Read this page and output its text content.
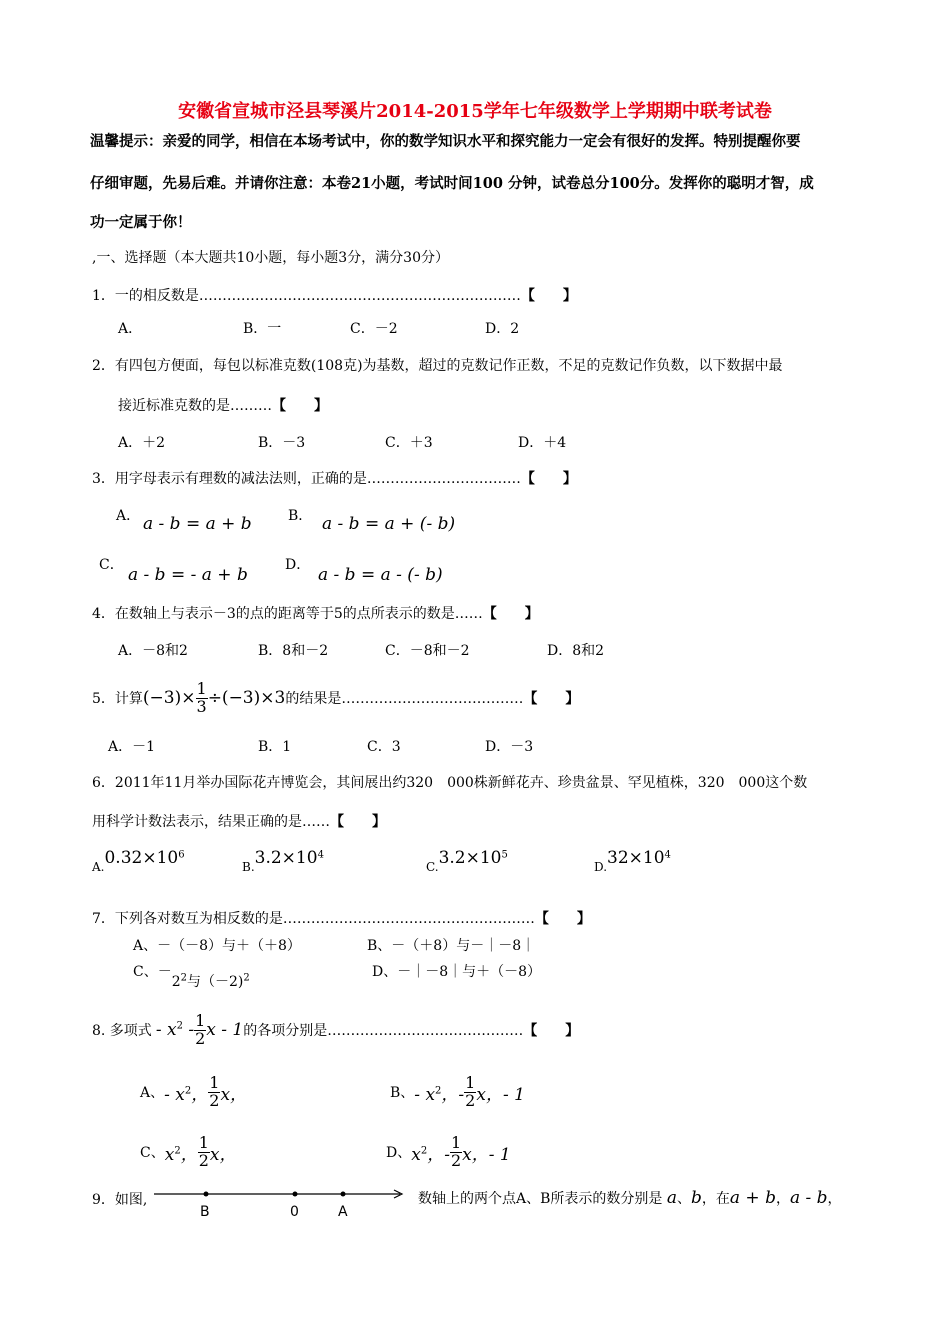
安徽省宣城市泾县琴溪片2014-2015学年七年级数学上学期期中联考试卷
温馨提示：亲爱的同学，相信在本场考试中，你的数学知识水平和探究能力一定会有很好的发挥。特别提醒你要
仔细审题，先易后难。并请你注意：本卷21小题，考试时间100 分钟，试卷总分100分。发挥你的聪明才智，成
功一定属于你！
,一、选择题（本大题共10小题，每小题3分，满分30分）
1．一的相反数是……………………………………………………………【　　】
A．	B．一	C．－2	D．2
2．有四包方便面，每包以标准克数(108克)为基数，超过的克数记作正数，不足的克数记作负数，以下数据中最
接近标准克数的是………【　　】
A．＋2	B．－3	C．＋3	D．＋4
3．用字母表示有理数的减法法则，正确的是……………………………【　　】
A． a - b = a + b	B． a - b = a + (- b)
C． a - b = - a + b	D． a - b = a - (- b)
4．在数轴上与表示－3的点的距离等于5的点所表示的数是……【　　】
A．－8和2	B．8和－2	C．－8和－2	D．8和2
5．计算 $(-3)\times \frac{1}{3} \div(-3)\times 3$ 的结果是………………………………… 【　　】
A．－1	B．1	C．3	D．－3
6．2011年11月举办国际花卉博览会，其间展出约320　000株新鲜花卉、珍贵盆景、罕见植株，320　000这个数
用科学计数法表示，结果正确的是……【　　】
$A.0.32\times 10^6$
$B.3.2\times 10^4$
$C.3.2\times 10^5$
$D.32\times 10^4$
7．下列各对数互为相反数的是………………………………………………【　　】
A、－（－8）与＋（＋8）	B、－（＋8）与－｜－8｜
C、$-2^2$与（－2)$^2$	D、－｜－8｜与＋（－8）
8. 多项式 - $x^2 - \frac{1}{2}$ x - 1 的各项分别是…………………………………… 【　　】
A、 - $x^2$， $\frac{1}{2}$ x，	B、 - $x^2$，- $\frac{1}{2}$ x，- 1
C、 $x^2$， $\frac{1}{2}$ x，	D、 $x^2$，- $\frac{1}{2}$ x，- 1
9．如图,
B	0	A
数轴上的两个点A、B所表示的数分别是 a、b，在a + b，a - b，
